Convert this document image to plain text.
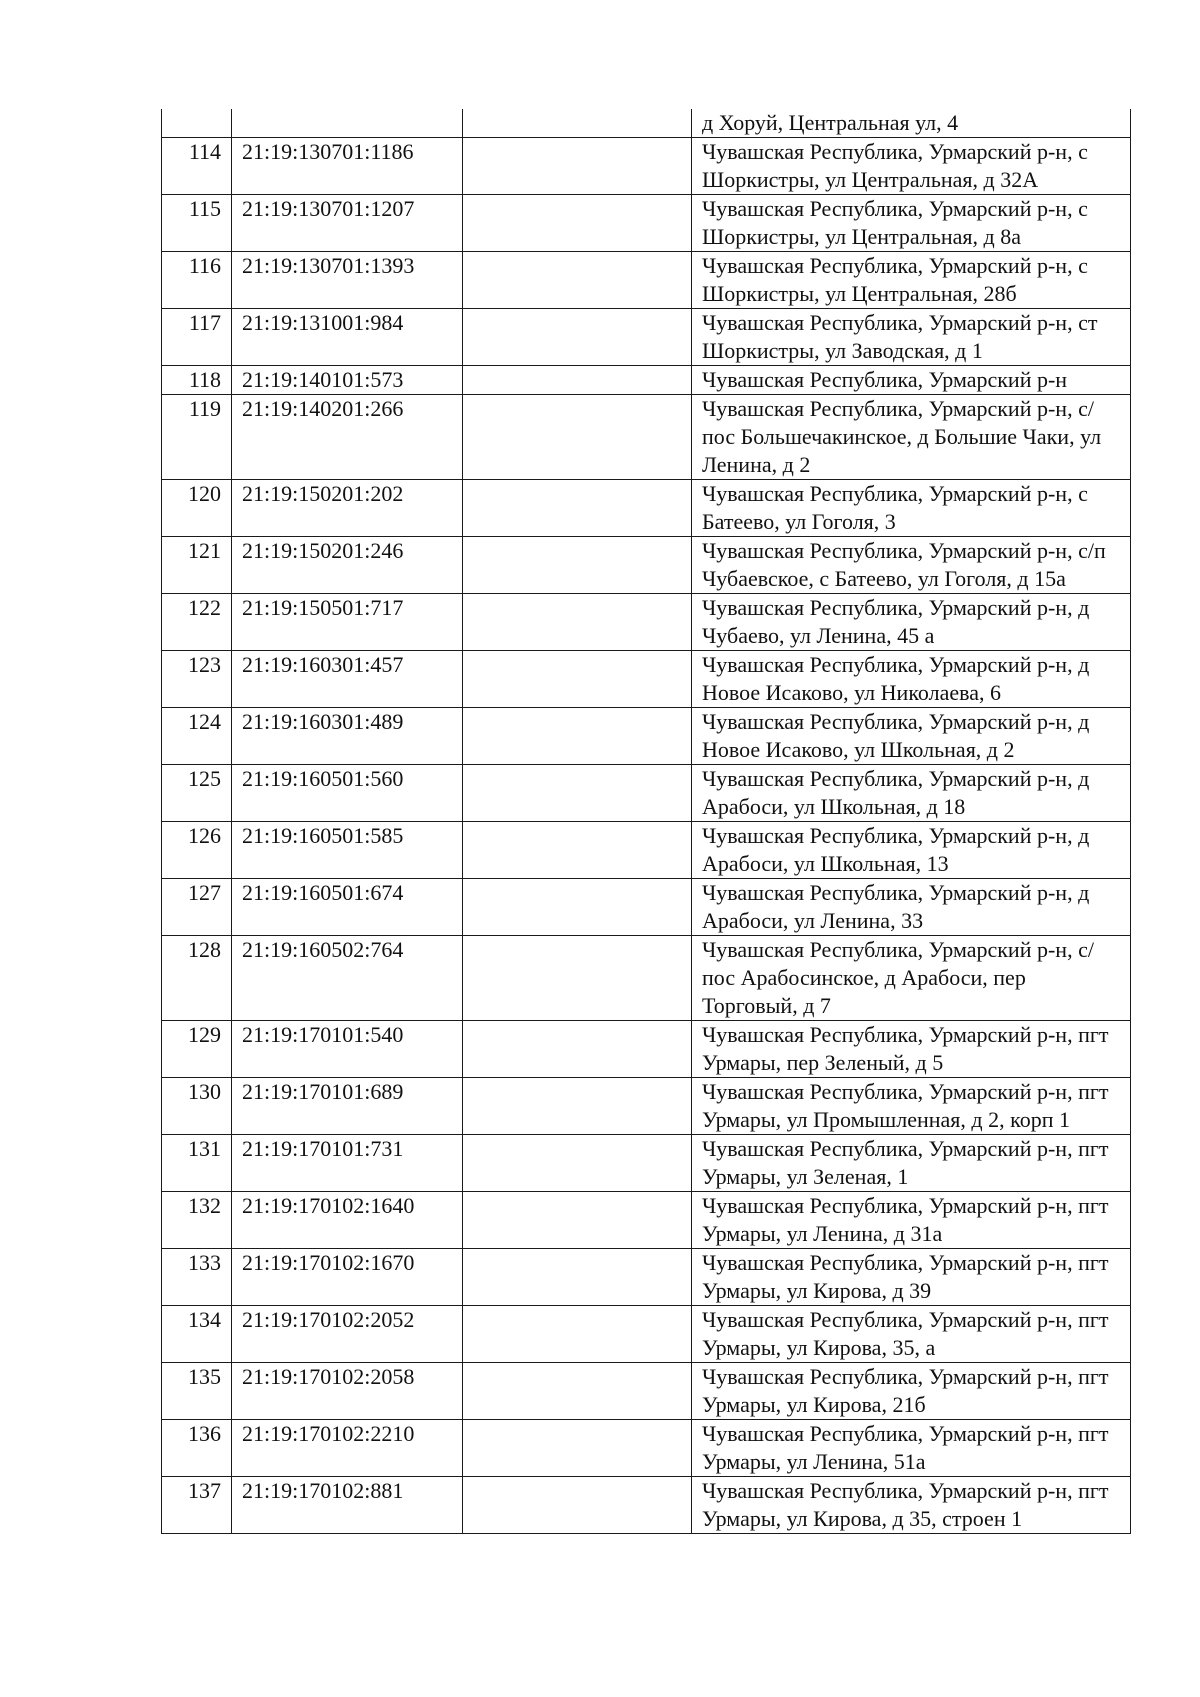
			д Хоруй, Центральная ул, 4
114	21:19:130701:1186		Чувашская Республика, Урмарский р-н, с Шоркистры, ул Центральная, д 32А
115	21:19:130701:1207		Чувашская Республика, Урмарский р-н, с Шоркистры, ул Центральная, д 8а
116	21:19:130701:1393		Чувашская Республика, Урмарский р-н, с Шоркистры, ул Центральная, 28б
117	21:19:131001:984		Чувашская Республика, Урмарский р-н, ст Шоркистры, ул Заводская, д 1
118	21:19:140101:573		Чувашская Республика, Урмарский р-н
119	21:19:140201:266		Чувашская Республика, Урмарский р-н, с/пос Большечакинское, д Большие Чаки, ул Ленина, д 2
120	21:19:150201:202		Чувашская Республика, Урмарский р-н, с Батеево, ул Гоголя, 3
121	21:19:150201:246		Чувашская Республика, Урмарский р-н, с/п Чубаевское, с Батеево, ул Гоголя, д 15а
122	21:19:150501:717		Чувашская Республика, Урмарский р-н, д Чубаево, ул Ленина, 45 а
123	21:19:160301:457		Чувашская Республика, Урмарский р-н, д Новое Исаково, ул Николаева, 6
124	21:19:160301:489		Чувашская Республика, Урмарский р-н, д Новое Исаково, ул Школьная, д 2
125	21:19:160501:560		Чувашская Республика, Урмарский р-н, д Арабоси, ул Школьная, д 18
126	21:19:160501:585		Чувашская Республика, Урмарский р-н, д Арабоси, ул Школьная, 13
127	21:19:160501:674		Чувашская Республика, Урмарский р-н, д Арабоси, ул Ленина, 33
128	21:19:160502:764		Чувашская Республика, Урмарский р-н, с/пос Арабосинское, д Арабоси, пер Торговый, д 7
129	21:19:170101:540		Чувашская Республика, Урмарский р-н, пгт Урмары, пер Зеленый, д 5
130	21:19:170101:689		Чувашская Республика, Урмарский р-н, пгт Урмары, ул Промышленная, д 2, корп 1
131	21:19:170101:731		Чувашская Республика, Урмарский р-н, пгт Урмары, ул Зеленая, 1
132	21:19:170102:1640		Чувашская Республика, Урмарский р-н, пгт Урмары, ул Ленина, д 31а
133	21:19:170102:1670		Чувашская Республика, Урмарский р-н, пгт Урмары, ул Кирова, д 39
134	21:19:170102:2052		Чувашская Республика, Урмарский р-н, пгт Урмары, ул Кирова, 35, а
135	21:19:170102:2058		Чувашская Республика, Урмарский р-н, пгт Урмары, ул Кирова, 21б
136	21:19:170102:2210		Чувашская Республика, Урмарский р-н, пгт Урмары, ул Ленина, 51а
137	21:19:170102:881		Чувашская Республика, Урмарский р-н, пгт Урмары, ул Кирова, д 35, строен 1
